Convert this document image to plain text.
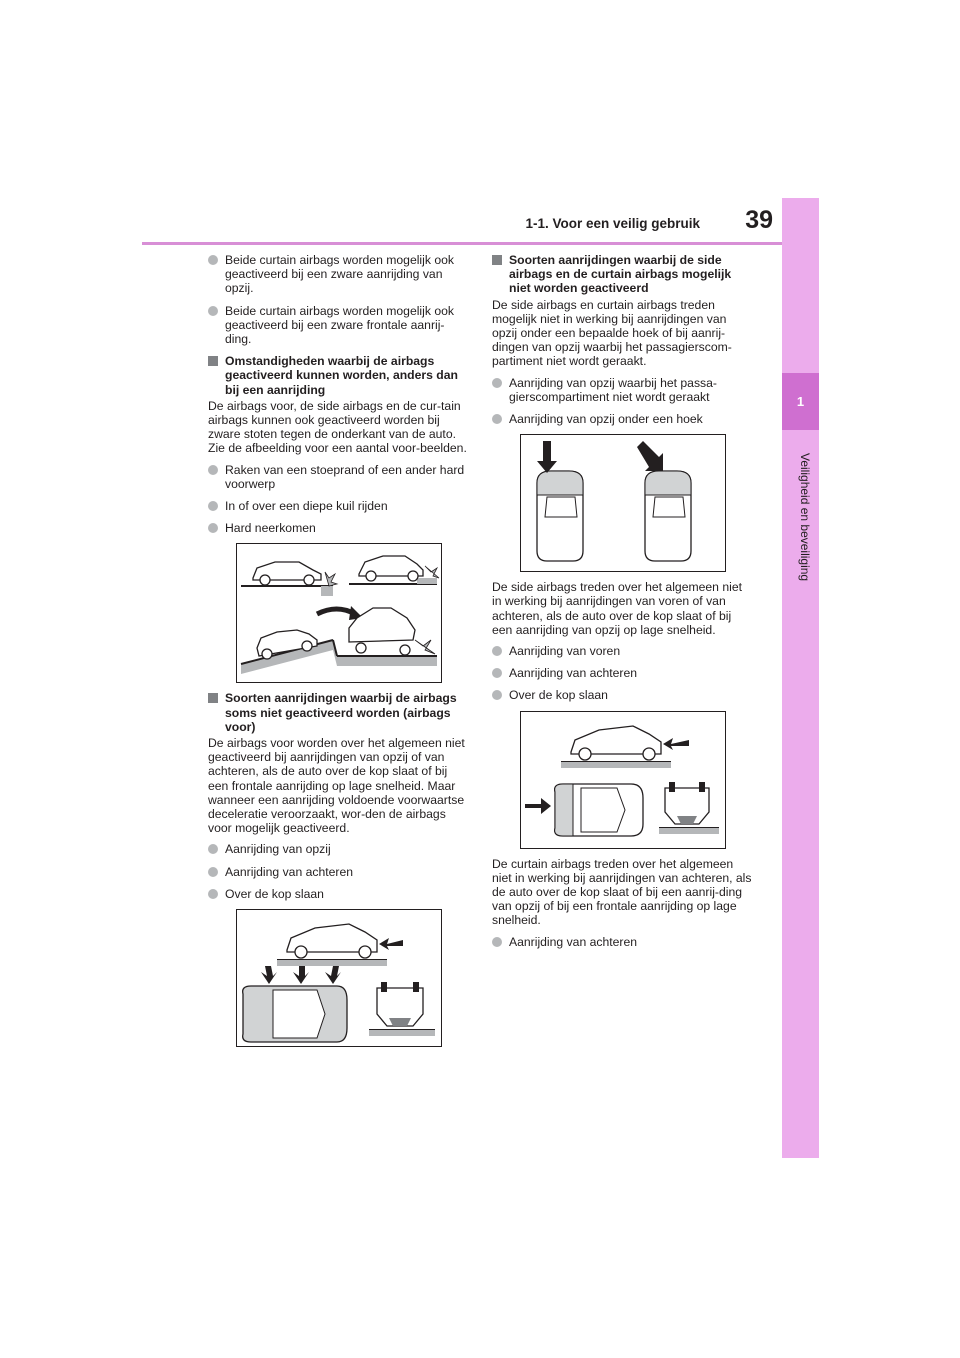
39
1-1. Voor een veilig gebruik
1
Veiligheid en beveiliging
Beide curtain airbags worden mogelijk ook geactiveerd bij een zware aanrijding van opzij.
Beide curtain airbags worden mogelijk ook geactiveerd bij een zware frontale aanrij-ding.
Omstandigheden waarbij de airbags geactiveerd kunnen worden, anders dan bij een aanrijding

De airbags voor, de side airbags en de cur-tain airbags kunnen ook geactiveerd worden bij zware stoten tegen de onderkant van de auto. Zie de afbeelding voor een aantal voor-beelden.

Raken van een stoeprand of een ander hard voorwerp
In of over een diepe kuil rijden
Hard neerkomen
Soorten aanrijdingen waarbij de airbags soms niet geactiveerd worden (airbags voor)

De airbags voor worden over het algemeen niet geactiveerd bij aanrijdingen van opzij of van achteren, als de auto over de kop slaat of bij een frontale aanrijding op lage snelheid. Maar wanneer een aanrijding voldoende voorwaartse deceleratie veroorzaakt, wor-den de airbags voor mogelijk geactiveerd.

Aanrijding van opzij
Aanrijding van achteren
Over de kop slaan
Soorten aanrijdingen waarbij de side airbags en de curtain airbags mogelijk niet worden geactiveerd

De side airbags en curtain airbags treden mogelijk niet in werking bij aanrijdingen van opzij onder een bepaalde hoek of bij aanrij-dingen van opzij waarbij het passagierscom-partiment niet wordt geraakt.

Aanrijding van opzij waarbij het passa-gierscompartiment niet wordt geraakt
Aanrijding van opzij onder een hoek

De side airbags treden over het algemeen niet in werking bij aanrijdingen van voren of van achteren, als de auto over de kop slaat of bij een aanrijding van opzij op lage snelheid.

Aanrijding van voren
Aanrijding van achteren
Over de kop slaan

De curtain airbags treden over het algemeen niet in werking bij aanrijdingen van achteren, als de auto over de kop slaat of bij een aanrij-ding van opzij of bij een frontale aanrijding op lage snelheid.

Aanrijding van achteren
